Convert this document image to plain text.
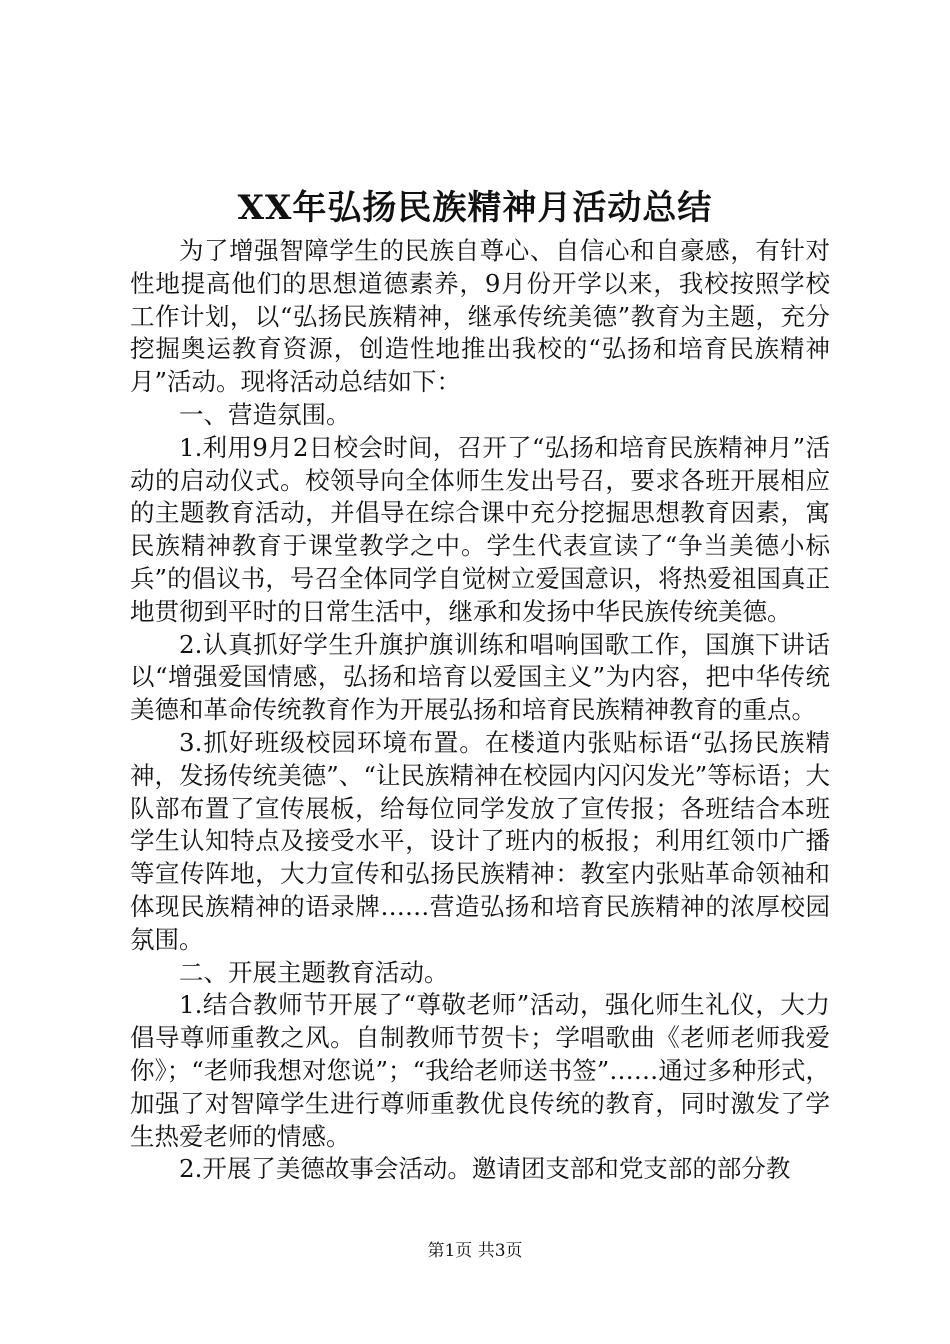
XX年弘扬民族精神月活动总结

为了增强智障学生的民族自尊心、自信心和自豪感，有针对性地提高他们的思想道德素养，9月份开学以来，我校按照学校工作计划，以“弘扬民族精神，继承传统美德”教育为主题，充分挖掘奥运教育资源，创造性地推出我校的“弘扬和培育民族精神月”活动。现将活动总结如下：

一、营造氛围。

1.利用9月2日校会时间，召开了“弘扬和培育民族精神月”活动的启动仪式。校领导向全体师生发出号召，要求各班开展相应的主题教育活动，并倡导在综合课中充分挖掘思想教育因素，寓民族精神教育于课堂教学之中。学生代表宣读了“争当美德小标兵”的倡议书，号召全体同学自觉树立爱国意识，将热爱祖国真正地贯彻到平时的日常生活中，继承和发扬中华民族传统美德。

2.认真抓好学生升旗护旗训练和唱响国歌工作，国旗下讲话以“增强爱国情感，弘扬和培育以爱国主义”为内容，把中华传统美德和革命传统教育作为开展弘扬和培育民族精神教育的重点。

3.抓好班级校园环境布置。在楼道内张贴标语“弘扬民族精神，发扬传统美德”、“让民族精神在校园内闪闪发光”等标语；大队部布置了宣传展板，给每位同学发放了宣传报；各班结合本班学生认知特点及接受水平，设计了班内的板报；利用红领巾广播等宣传阵地，大力宣传和弘扬民族精神：教室内张贴革命领袖和体现民族精神的语录牌……营造弘扬和培育民族精神的浓厚校园氛围。

二、开展主题教育活动。

1.结合教师节开展了“尊敬老师”活动，强化师生礼仪，大力倡导尊师重教之风。自制教师节贺卡；学唱歌曲《老师老师我爱你》；“老师我想对您说”；“我给老师送书签”……通过多种形式，加强了对智障学生进行尊师重教优良传统的教育，同时激发了学生热爱老师的情感。

2.开展了美德故事会活动。邀请团支部和党支部的部分教

第1页 共3页
